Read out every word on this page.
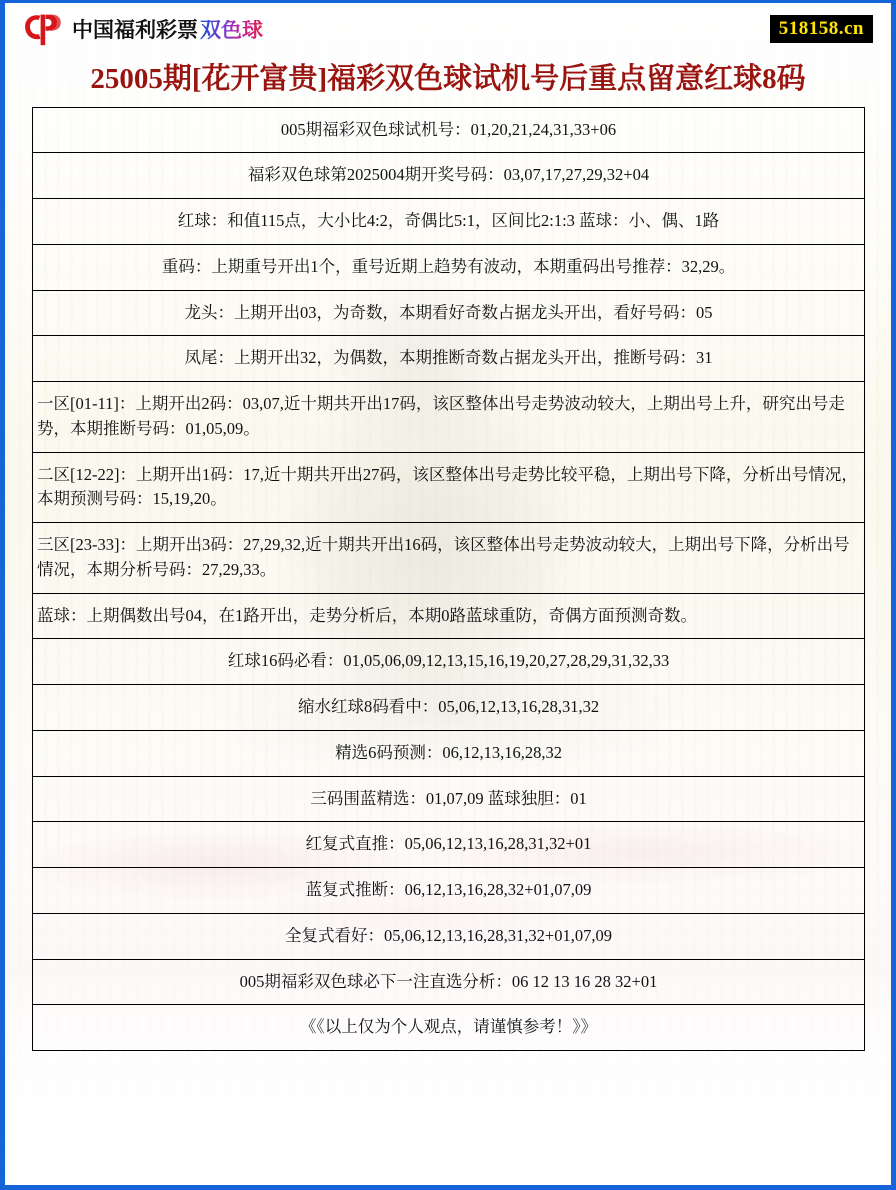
中国福利彩票 双色球	518158.cn
25005期[花开富贵]福彩双色球试机号后重点留意红球8码
005期福彩双色球试机号：01,20,21,24,31,33+06
福彩双色球第2025004期开奖号码：03,07,17,27,29,32+04
红球：和值115点，大小比4:2，奇偶比5:1，区间比2:1:3 蓝球：小、偶、1路
重码：上期重号开出1个，重号近期上趋势有波动，本期重码出号推荐：32,29。
龙头：上期开出03，为奇数，本期看好奇数占据龙头开出，看好号码：05
凤尾：上期开出32，为偶数，本期推断奇数占据龙头开出，推断号码：31
一区[01-11]：上期开出2码：03,07,近十期共开出17码，该区整体出号走势波动较大，上期出号上升，研究出号走势，本期推断号码：01,05,09。
二区[12-22]：上期开出1码：17,近十期共开出27码，该区整体出号走势比较平稳，上期出号下降，分析出号情况，本期预测号码：15,19,20。
三区[23-33]：上期开出3码：27,29,32,近十期共开出16码，该区整体出号走势波动较大，上期出号下降，分析出号情况，本期分析号码：27,29,33。
蓝球：上期偶数出号04，在1路开出，走势分析后，本期0路蓝球重防，奇偶方面预测奇数。
红球16码必看：01,05,06,09,12,13,15,16,19,20,27,28,29,31,32,33
缩水红球8码看中：05,06,12,13,16,28,31,32
精选6码预测：06,12,13,16,28,32
三码围蓝精选：01,07,09 蓝球独胆：01
红复式直推：05,06,12,13,16,28,31,32+01
蓝复式推断：06,12,13,16,28,32+01,07,09
全复式看好：05,06,12,13,16,28,31,32+01,07,09
005期福彩双色球必下一注直选分析：06 12 13 16 28 32+01
《《以上仅为个人观点，请谨慎参考！》》
